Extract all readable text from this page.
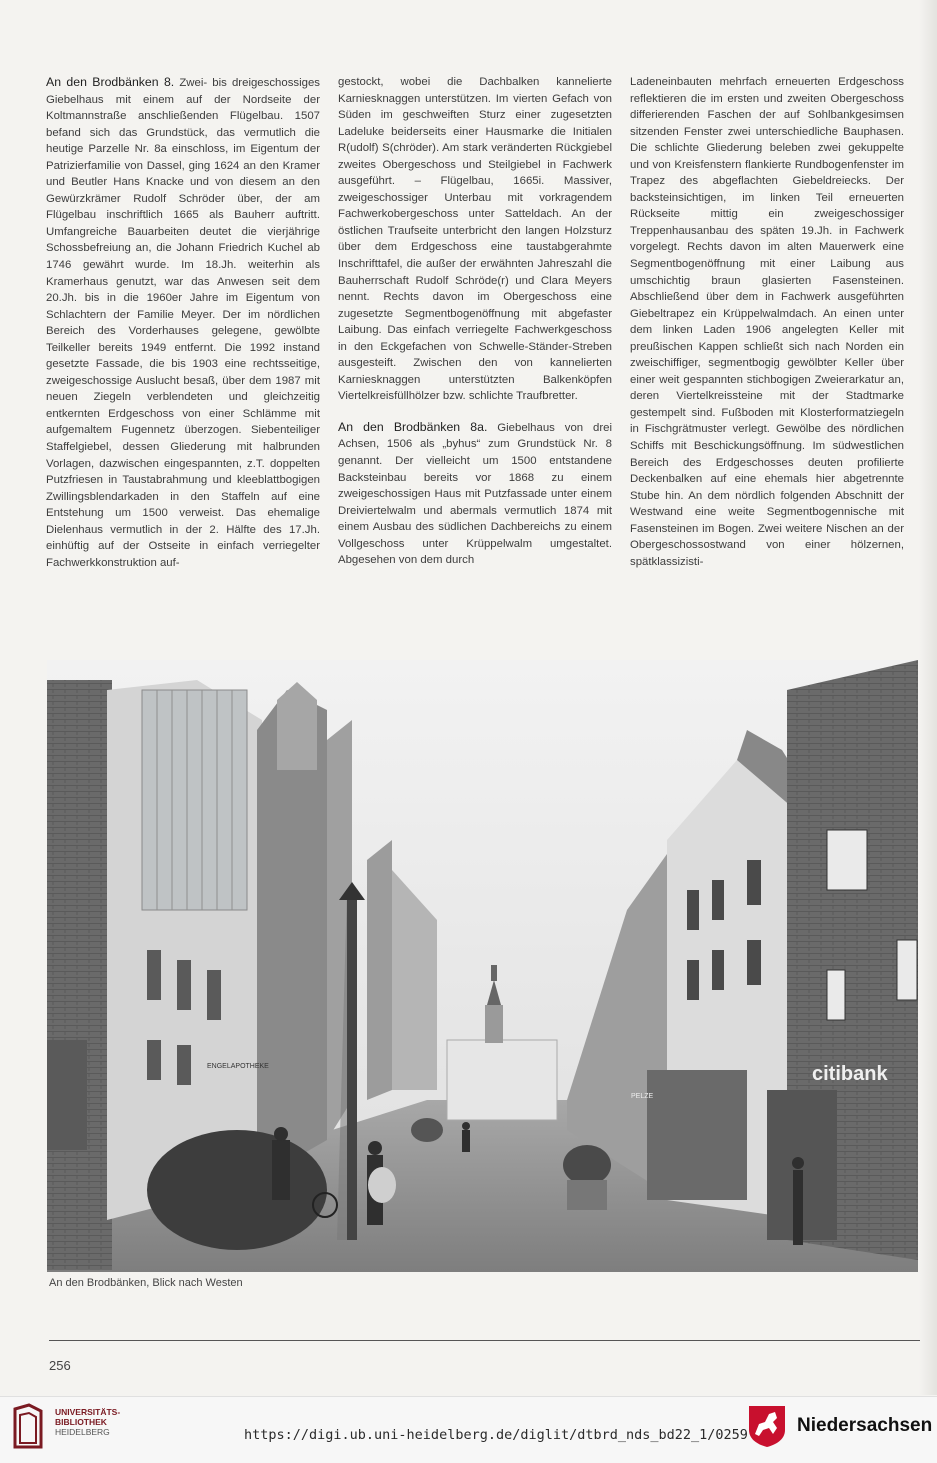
An den Brodbänken 8. Zwei- bis dreigeschossiges Giebelhaus mit einem auf der Nordseite der Koltmannstraße anschließenden Flügelbau. 1507 befand sich das Grundstück, das vermutlich die heutige Parzelle Nr. 8a einschloss, im Eigentum der Patrizierfamilie von Dassel, ging 1624 an den Kramer und Beutler Hans Knacke und von diesem an den Gewürzkrämer Rudolf Schröder über, der am Flügelbau inschriftlich 1665 als Bauherr auftritt. Umfangreiche Bauarbeiten deutet die vierjährige Schossbefreiung an, die Johann Friedrich Kuchel ab 1746 gewährt wurde. Im 18.Jh. weiterhin als Kramerhaus genutzt, war das Anwesen seit dem 20.Jh. bis in die 1960er Jahre im Eigentum von Schlachtern der Familie Meyer. Der im nördlichen Bereich des Vorderhauses gelegene, gewölbte Teilkeller bereits 1949 entfernt. Die 1992 instand gesetzte Fassade, die bis 1903 eine rechtsseitige, zweigeschossige Auslucht besaß, über dem 1987 mit neuen Ziegeln verblendeten und gleichzeitig entkernten Erdgeschoss von einer Schlämme mit aufgemaltem Fugennetz überzogen. Siebenteiliger Staffelgiebel, dessen Gliederung mit halbrunden Vorlagen, dazwischen eingespannten, z.T. doppelten Putzfriesen in Taustabrahmung und kleeblattbogigen Zwillingsblendarkaden in den Staffeln auf eine Entstehung um 1500 verweist. Das ehemalige Dielenhaus vermutlich in der 2. Hälfte des 17.Jh. einhüftig auf der Ostseite in einfach verriegelter Fachwerkkonstruktion auf-

gestockt, wobei die Dachbalken kannelierte Karniesknaggen unterstützen. Im vierten Gefach von Süden im geschweiften Sturz einer zugesetzten Ladeluke beiderseits einer Hausmarke die Initialen R(udolf) S(chröder). Am stark veränderten Rückgiebel zweites Obergeschoss und Steilgiebel in Fachwerk ausgeführt. – Flügelbau, 1665i. Massiver, zweigeschossiger Unterbau mit vorkragendem Fachwerkobergeschoss unter Satteldach. An der östlichen Traufseite unterbricht den langen Holzsturz über dem Erdgeschoss eine taustabgerahmte Inschrifttafel, die außer der erwähnten Jahreszahl die Bauherrschaft Rudolf Schröde(r) und Clara Meyers nennt. Rechts davon im Obergeschoss eine zugesetzte Segmentbogenöffnung mit abgefaster Laibung. Das einfach verriegelte Fachwerkgeschoss in den Eckgefachen von Schwelle-Ständer-Streben ausgesteift. Zwischen den von kannelierten Karniesknaggen unterstützten Balkenköpfen Viertelkreisfüllhölzer bzw. schlichte Traufbretter.

An den Brodbänken 8a. Giebelhaus von drei Achsen, 1506 als „byhus“ zum Grundstück Nr. 8 genannt. Der vielleicht um 1500 entstandene Backsteinbau bereits vor 1868 zu einem zweigeschossigen Haus mit Putzfassade unter einem Dreiviertelwalm und abermals vermutlich 1874 mit einem Ausbau des südlichen Dachbereichs zu einem Vollgeschoss unter Krüppelwalm umgestaltet. Abgesehen von dem durch

Ladeneinbauten mehrfach erneuerten Erdgeschoss reflektieren die im ersten und zweiten Obergeschoss differierenden Faschen der auf Sohlbankgesimsen sitzenden Fenster zwei unterschiedliche Bauphasen. Die schlichte Gliederung beleben zwei gekuppelte und von Kreisfenstern flankierte Rundbogenfenster im Trapez des abgeflachten Giebeldreiecks. Der backsteinsichtigen, im linken Teil erneuerten Rückseite mittig ein zweigeschossiger Treppenhausanbau des späten 19.Jh. in Fachwerk vorgelegt. Rechts davon im alten Mauerwerk eine Segmentbogenöffnung mit einer Laibung aus umschichtig braun glasierten Fasensteinen. Abschließend über dem in Fachwerk ausgeführten Giebeltrapez ein Krüppelwalmdach. An einen unter dem linken Laden 1906 angelegten Keller mit preußischen Kappen schließt sich nach Norden ein zweischiffiger, segmentbogig gewölbter Keller über einer weit gespannten stichbogigen Zweierarkatur an, deren Viertelkreissteine mit der Stadtmarke gestempelt sind. Fußboden mit Klosterformatziegeln in Fischgrätmuster verlegt. Gewölbe des nördlichen Schiffs mit Beschickungsöffnung. Im südwestlichen Bereich des Erdgeschosses deuten profilierte Deckenbalken auf eine ehemals hier abgetrennte Stube hin. An dem nördlich folgenden Abschnitt der Westwand eine weite Segmentbogennische mit Fasensteinen im Bogen. Zwei weitere Nischen an der Obergeschossostwand von einer hölzernen, spätklassizisti-

ENGELAPOTHEKE	citibank
PELZE
An den Brodbänken, Blick nach Westen
256
UNIVERSITÄTS-
BIBLIOTHEK
HEIDELBERG	https://digi.ub.uni-heidelberg.de/diglit/dtbrd_nds_bd22_1/0259	Niedersachsen
